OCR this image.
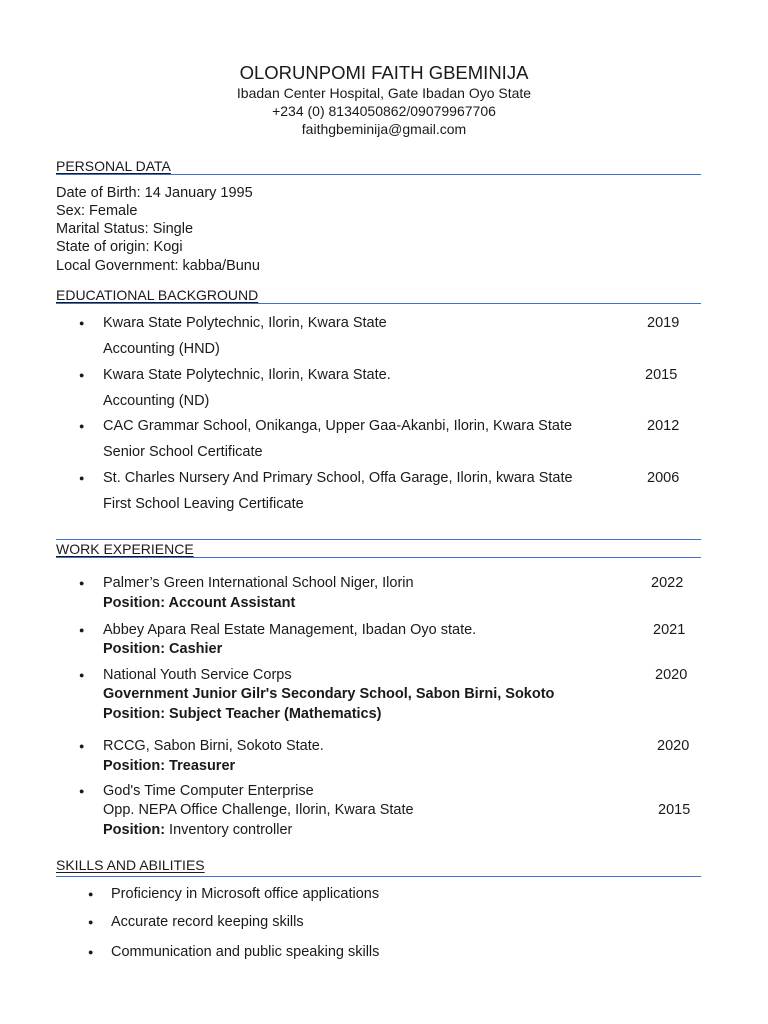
OLORUNPOMI FAITH GBEMINIJA
Ibadan Center Hospital, Gate Ibadan Oyo State
+234 (0) 8134050862/09079967706
faithgbeminija@gmail.com
PERSONAL DATA
Date of Birth: 14 January 1995
Sex: Female
Marital Status: Single
State of origin: Kogi
Local Government: kabba/Bunu
EDUCATIONAL BACKGROUND
● Kwara State Polytechnic, Ilorin, Kwara State	2019
Accounting (HND)
● Kwara State Polytechnic, Ilorin, Kwara State.	2015
Accounting (ND)
● CAC Grammar School, Onikanga, Upper Gaa-Akanbi, Ilorin, Kwara State	2012
Senior School Certificate
● St. Charles Nursery And Primary School, Offa Garage, Ilorin, kwara State	2006
First School Leaving Certificate
WORK EXPERIENCE
● Palmer’s Green International School Niger, Ilorin	2022
Position: Account Assistant
● Abbey Apara Real Estate Management, Ibadan Oyo state.	2021
Position: Cashier
● National Youth Service Corps	2020
Government Junior Gilr's Secondary School, Sabon Birni, Sokoto
Position: Subject Teacher (Mathematics)
● RCCG, Sabon Birni, Sokoto State.	2020
Position: Treasurer
● God's Time Computer Enterprise
Opp. NEPA Office Challenge, Ilorin, Kwara State	2015
Position: Inventory controller
SKILLS AND ABILITIES
● Proficiency in Microsoft office applications
● Accurate record keeping skills
● Communication and public speaking skills
